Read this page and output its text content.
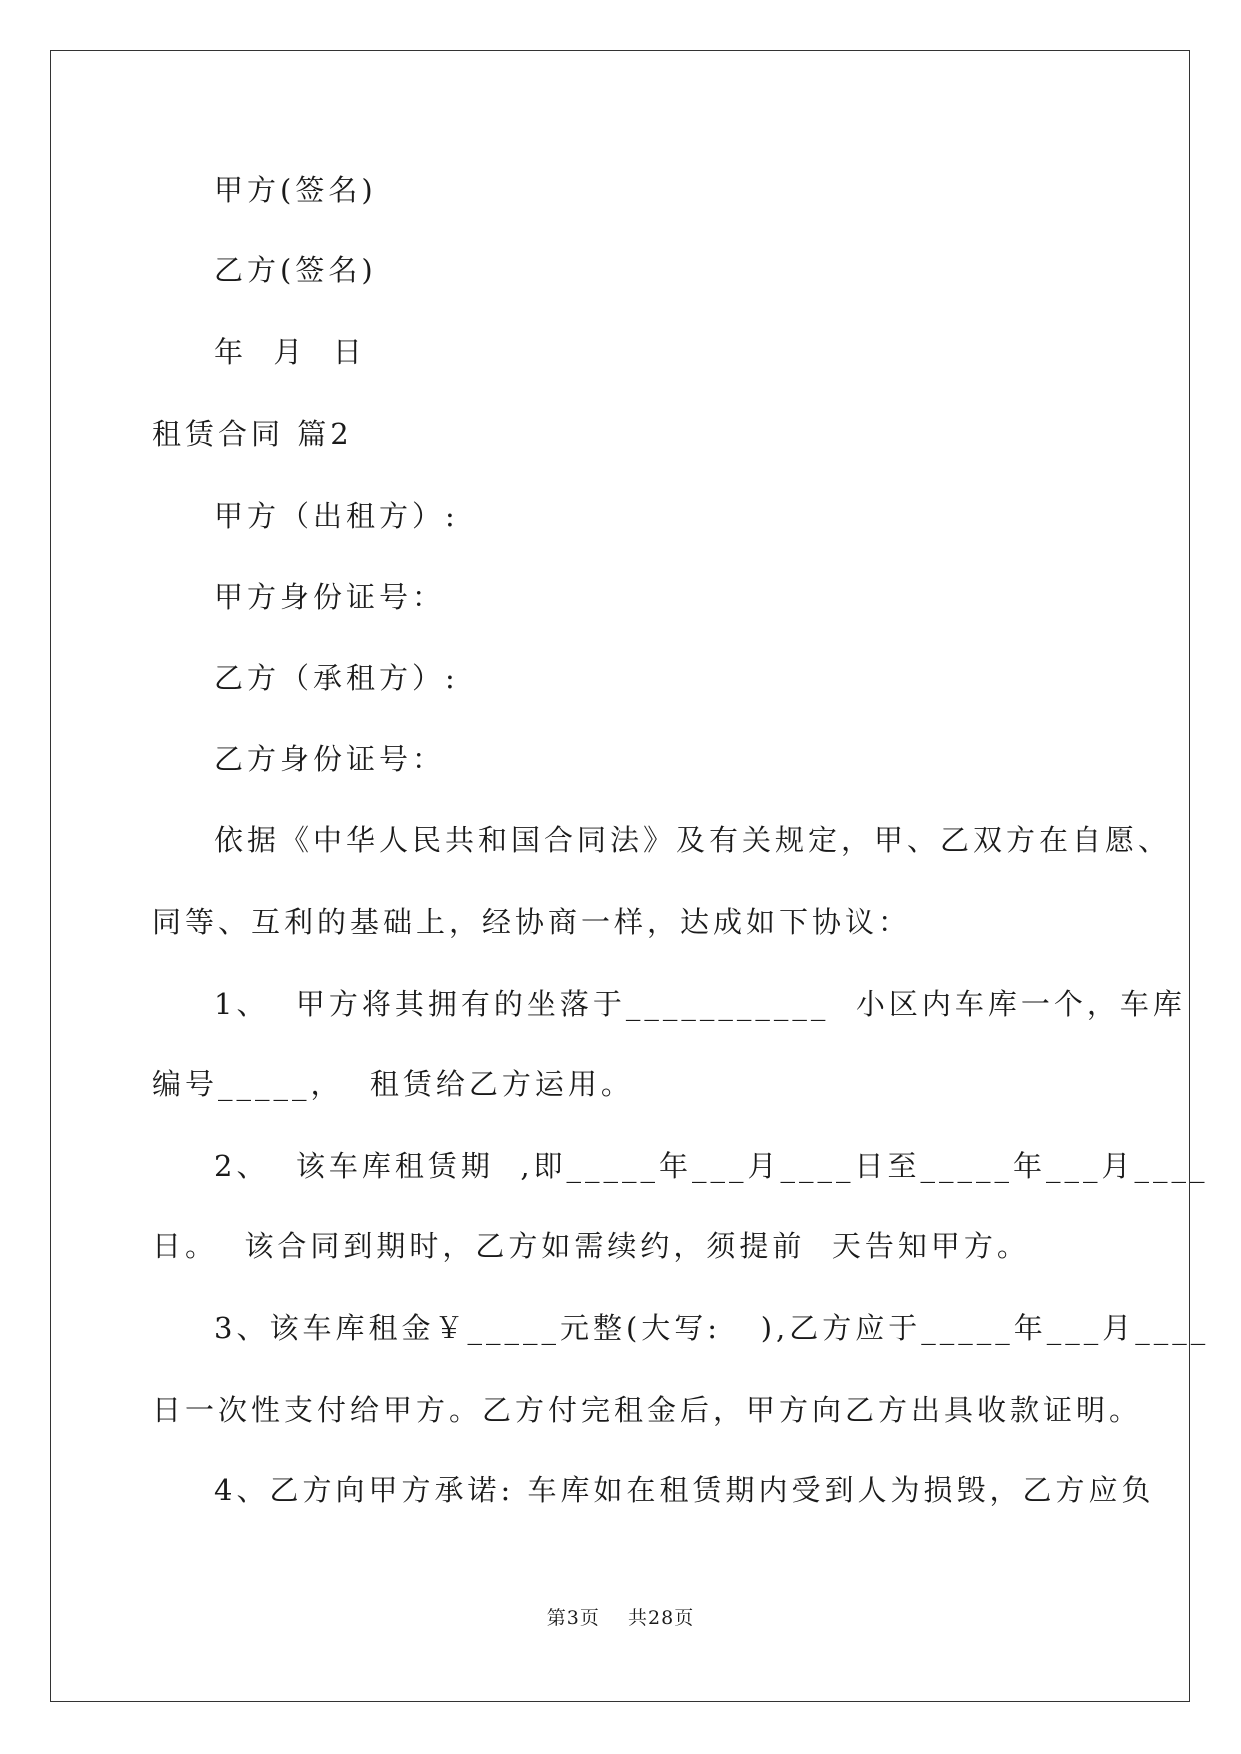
甲方(签名)
乙方(签名)
年  月  日
租赁合同 篇2
甲方（出租方）:
甲方身份证号：
乙方（承租方）:
乙方身份证号：
依据《中华人民共和国合同法》及有关规定，甲、乙双方在自愿、
同等、互利的基础上，经协商一样，达成如下协议：
1、  甲方将其拥有的坐落于___________  小区内车库一个，车库
编号_____，  租赁给乙方运用。
2、  该车库租赁期  ,即_____年___月____日至_____年___月____
日。  该合同到期时，乙方如需续约，须提前  天告知甲方。
3、该车库租金￥_____元整(大写:   ),乙方应于_____年___月____
日一次性支付给甲方。乙方付完租金后，甲方向乙方出具收款证明。
4、乙方向甲方承诺: 车库如在租赁期内受到人为损毁，乙方应负
第3页    共28页
